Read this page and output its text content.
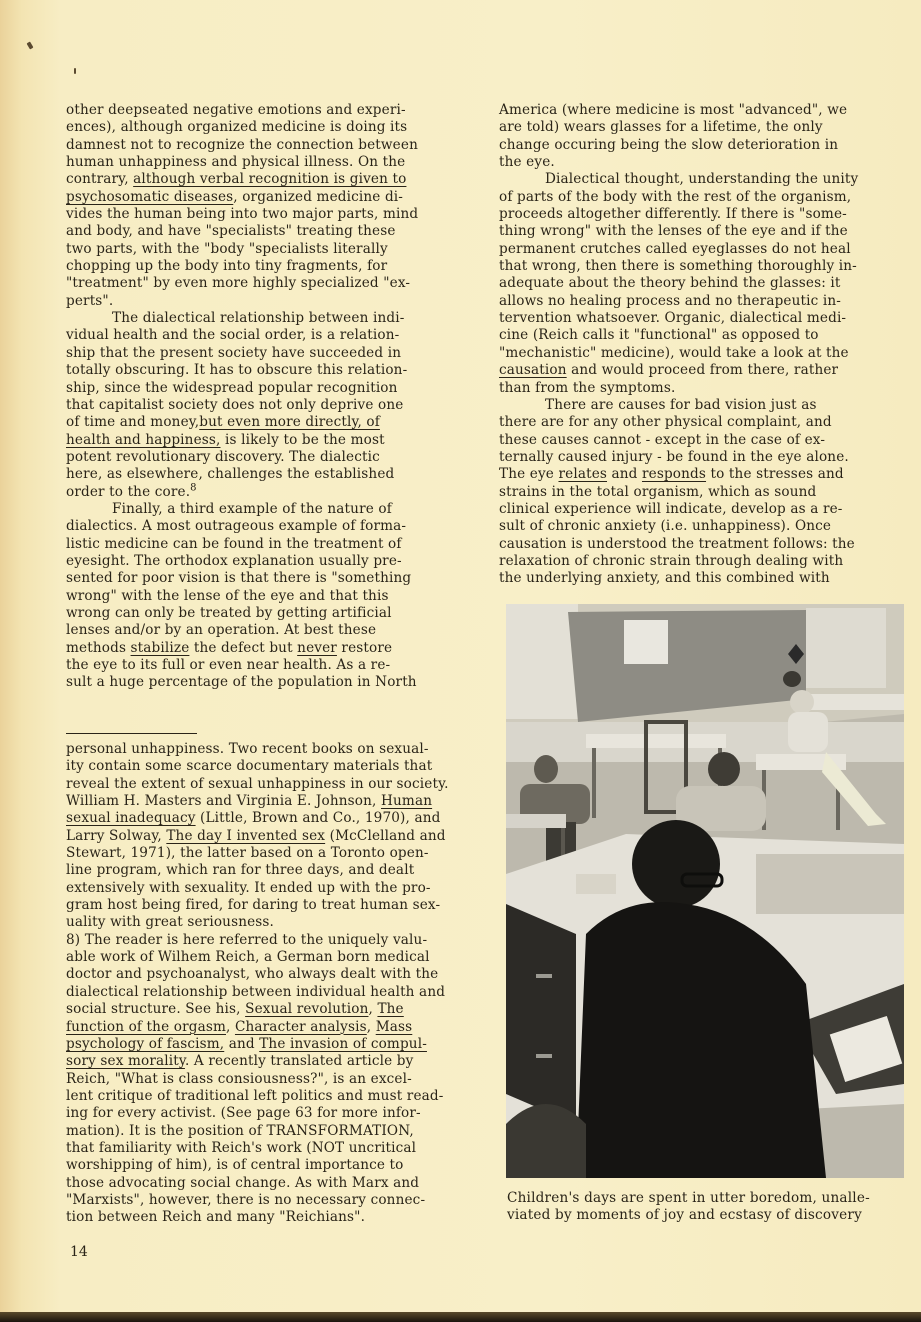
other deepseated negative emotions and experi-
ences), although organized medicine is doing its
damnest not to recognize the connection between
human unhappiness and physical illness. On the
contrary, although verbal recognition is given to
psychosomatic diseases, organized medicine di-
vides the human being into two major parts, mind
and body, and have "specialists" treating these
two parts, with the "body "specialists literally
chopping up the body into tiny fragments, for
"treatment" by even more highly specialized "ex-
perts".

The dialectical relationship between indi-
vidual health and the social order, is a relation-
ship that the present society have succeeded in
totally obscuring. It has to obscure this relation-
ship, since the widespread popular recognition
that capitalist society does not only deprive one
of time and money,but even more directly, of
health and happiness, is likely to be the most
potent revolutionary discovery. The dialectic
here, as elsewhere, challenges the established
order to the core.$^8$

Finally, a third example of the nature of
dialectics. A most outrageous example of forma-
listic medicine can be found in the treatment of
eyesight. The orthodox explanation usually pre-
sented for poor vision is that there is "something
wrong" with the lense of the eye and that this
wrong can only be treated by getting artificial
lenses and/or by an operation. At best these
methods stabilize the defect but never restore
the eye to its full or even near health. As a re-
sult a huge percentage of the population in North

America (where medicine is most "advanced", we
are told) wears glasses for a lifetime, the only
change occuring being the slow deterioration in
the eye.

Dialectical thought, understanding the unity
of parts of the body with the rest of the organism,
proceeds altogether differently. If there is "some-
thing wrong" with the lenses of the eye and if the
permanent crutches called eyeglasses do not heal
that wrong, then there is something thoroughly in-
adequate about the theory behind the glasses: it
allows no healing process and no therapeutic in-
tervention whatsoever. Organic, dialectical medi-
cine (Reich calls it "functional" as opposed to
"mechanistic" medicine), would take a look at the
causation and would proceed from there, rather
than from the symptoms.

There are causes for bad vision just as
there are for any other physical complaint, and
these causes cannot - except in the case of ex-
ternally caused injury - be found in the eye alone.
The eye relates and responds to the stresses and
strains in the total organism, which as sound
clinical experience will indicate, develop as a re-
sult of chronic anxiety (i.e. unhappiness). Once
causation is understood the treatment follows: the
relaxation of chronic strain through dealing with
the underlying anxiety, and this combined with

personal unhappiness. Two recent books on sexual-
ity contain some scarce documentary materials that
reveal the extent of sexual unhappiness in our society.
William H. Masters and Virginia E. Johnson, Human
sexual inadequacy (Little, Brown and Co., 1970), and
Larry Solway, The day I invented sex (McClelland and
Stewart, 1971), the latter based on a Toronto open-
line program, which ran for three days, and dealt
extensively with sexuality. It ended up with the pro-
gram host being fired, for daring to treat human sex-
uality with great seriousness.

8) The reader is here referred to the uniquely valu-
able work of Wilhem Reich, a German born medical
doctor and psychoanalyst, who always dealt with the
dialectical relationship between individual health and
social structure. See his, Sexual revolution, The
function of the orgasm, Character analysis, Mass
psychology of fascism, and The invasion of compul-
sory sex morality. A recently translated article by
Reich, "What is class consiousness?", is an excel-
lent critique of traditional left politics and must read-
ing for every activist. (See page 63 for more infor-
mation). It is the position of TRANSFORMATION,
that familiarity with Reich's work (NOT uncritical
worshipping of him), is of central importance to
those advocating social change. As with Marx and
"Marxists", however, there is no necessary connec-
tion between Reich and many "Reichians".

14
Children's days are spent in utter boredom, unalle-
viated by moments of joy and ecstasy of discovery
